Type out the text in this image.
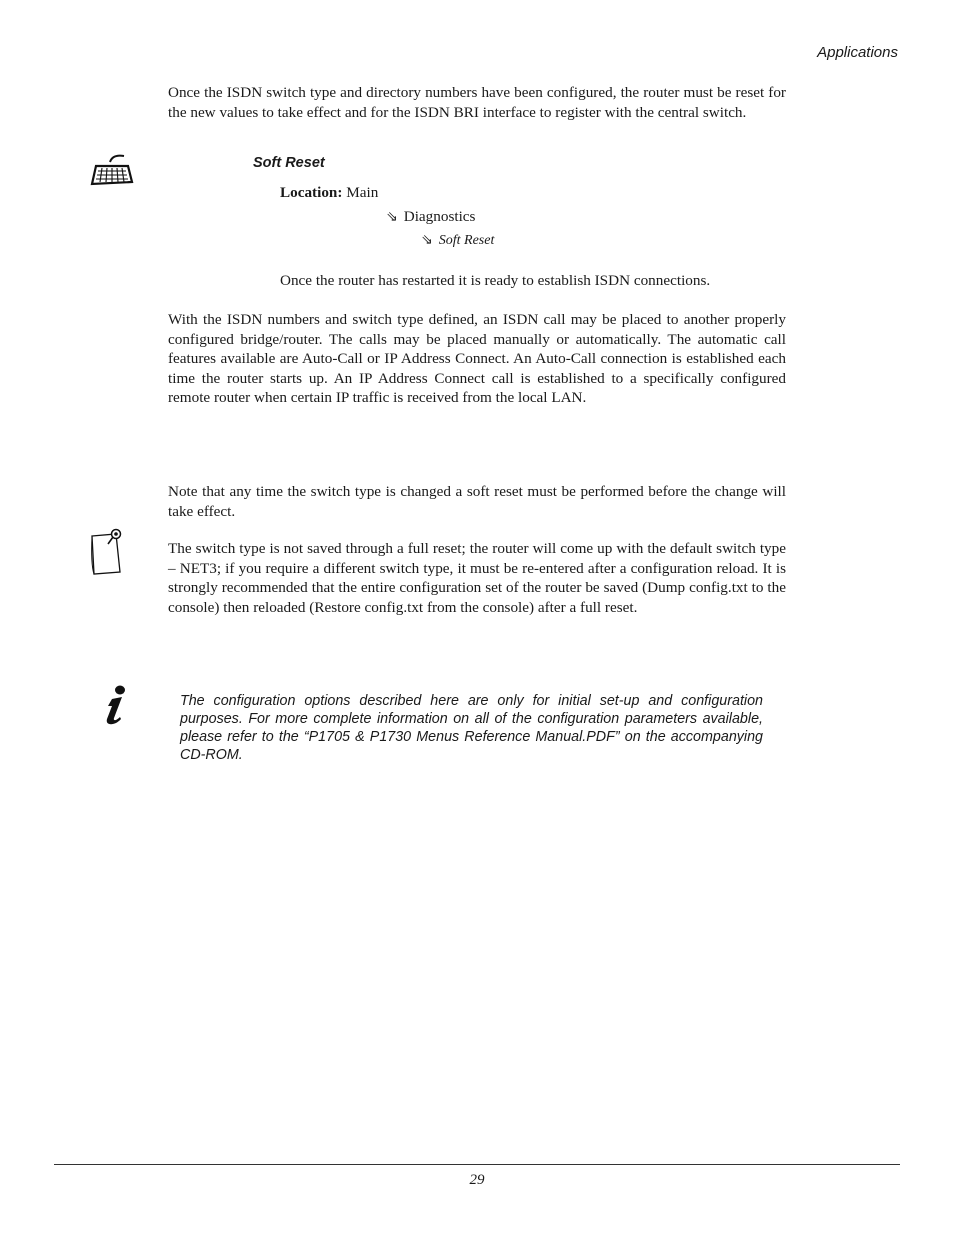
Applications

Once the ISDN switch type and directory numbers have been configured, the router must be reset for the new values to take effect and for the ISDN BRI interface to register with the central switch.

Soft Reset
Location: Main
⇘ Diagnostics
⇘ Soft Reset

Once the router has restarted it is ready to establish ISDN connections.

With the ISDN numbers and switch type defined, an ISDN call may be placed to another properly configured bridge/router. The calls may be placed manually or automatically. The automatic call features available are Auto-Call or IP Address Connect. An Auto-Call connection is established each time the router starts up. An IP Address Connect call is established to a specifically configured remote router when certain IP traffic is received from the local LAN.

Note that any time the switch type is changed a soft reset must be performed before the change will take effect.

The switch type is not saved through a full reset; the router will come up with the default switch type – NET3; if you require a different switch type, it must be re-entered after a configuration reload. It is strongly recommended that the entire configuration set of the router be saved (Dump config.txt to the console) then reloaded (Restore config.txt from the console) after a full reset.

The configuration options described here are only for initial set-up and configuration purposes. For more complete information on all of the configuration parameters available, please refer to the “P1705 & P1730 Menus Reference Manual.PDF” on the accompanying CD-ROM.

29
